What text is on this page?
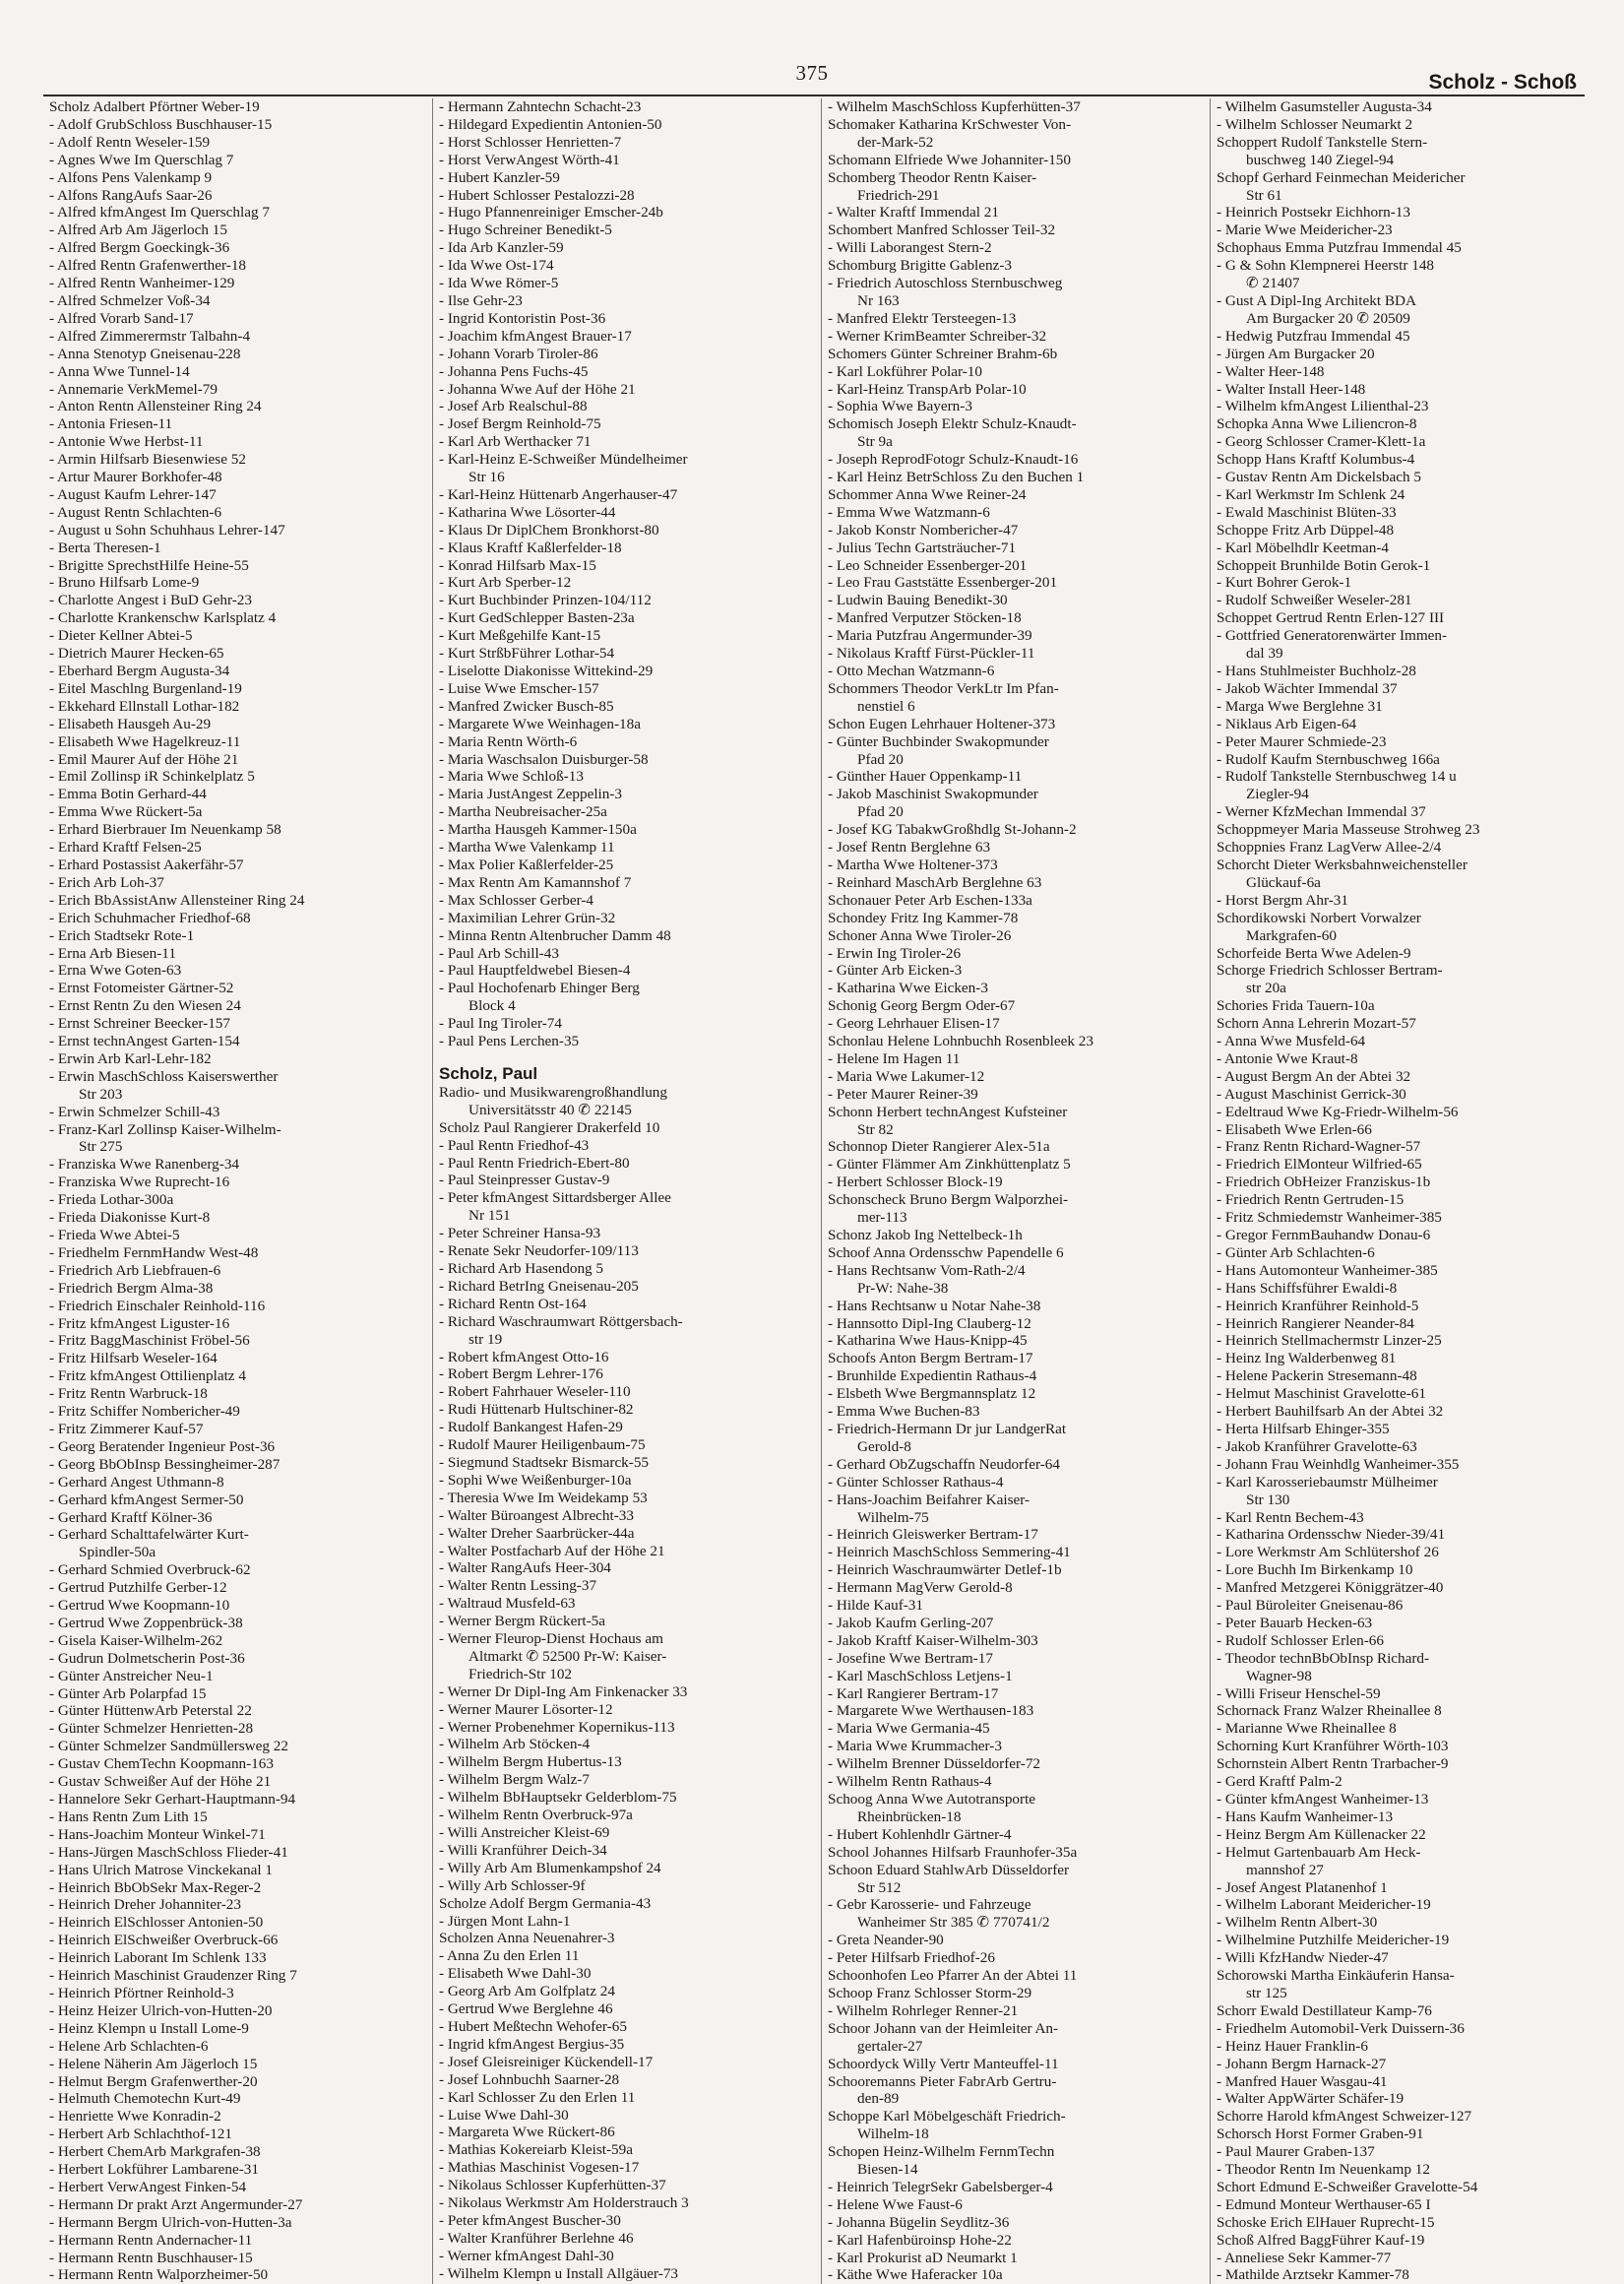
375	Scholz - Schoß
Scholz Adalbert Pförtner Weber-19
- Adolf GrubSchloss Buschhauser-15
- Adolf Rentn Weseler-159
- Agnes Wwe Im Querschlag 7
- Alfons Pens Valenkamp 9
- Alfons RangAufs Saar-26
- Alfred kfmAngest Im Querschlag 7
- Alfred Arb Am Jägerloch 15
- Alfred Bergm Goeckingk-36
- Alfred Rentn Grafenwerther-18
- Alfred Rentn Wanheimer-129
- Alfred Schmelzer Voß-34
- Alfred Vorarb Sand-17
- Alfred Zimmerermstr Talbahn-4
- Anna Stenotyp Gneisenau-228
- Anna Wwe Tunnel-14
- Annemarie VerkMemel-79
- Anton Rentn Allensteiner Ring 24
- Antonia Friesen-11
- Antonie Wwe Herbst-11
- Armin Hilfsarb Biesenwiese 52
- Artur Maurer Borkhofer-48
- August Kaufm Lehrer-147
- August Rentn Schlachten-6
- August u Sohn Schuhhaus Lehrer-147
- Berta Theresen-1
- Brigitte SprechstHilfe Heine-55
- Bruno Hilfsarb Lome-9
- Charlotte Angest i BuD Gehr-23
- Charlotte Krankenschw Karlsplatz 4
- Dieter Kellner Abtei-5
- Dietrich Maurer Hecken-65
- Eberhard Bergm Augusta-34
- Eitel Maschlng Burgenland-19
- Ekkehard Ellnstall Lothar-182
- Elisabeth Hausgeh Au-29
- Elisabeth Wwe Hagelkreuz-11
- Emil Maurer Auf der Höhe 21
- Emil Zollinsp iR Schinkelplatz 5
- Emma Botin Gerhard-44
- Emma Wwe Rückert-5a
- Erhard Bierbrauer Im Neuenkamp 58
- Erhard Kraftf Felsen-25
- Erhard Postassist Aakerfähr-57
- Erich Arb Loh-37
- Erich BbAssistAnw Allensteiner Ring 24
- Erich Schuhmacher Friedhof-68
- Erich Stadtsekr Rote-1
- Erna Arb Biesen-11
- Erna Wwe Goten-63
- Ernst Fotomeister Gärtner-52
- Ernst Rentn Zu den Wiesen 24
- Ernst Schreiner Beecker-157
- Ernst technAngest Garten-154
- Erwin Arb Karl-Lehr-182
- Erwin MaschSchloss Kaiserswerther
Str 203
- Erwin Schmelzer Schill-43
- Franz-Karl Zollinsp Kaiser-Wilhelm-
Str 275
- Franziska Wwe Ranenberg-34
- Franziska Wwe Ruprecht-16
- Frieda Lothar-300a
- Frieda Diakonisse Kurt-8
- Frieda Wwe Abtei-5
- Friedhelm FernmHandw West-48
- Friedrich Arb Liebfrauen-6
- Friedrich Bergm Alma-38
- Friedrich Einschaler Reinhold-116
- Fritz kfmAngest Liguster-16
- Fritz BaggMaschinist Fröbel-56
- Fritz Hilfsarb Weseler-164
- Fritz kfmAngest Ottilienplatz 4
- Fritz Rentn Warbruck-18
- Fritz Schiffer Nombericher-49
- Fritz Zimmerer Kauf-57
- Georg Beratender Ingenieur Post-36
- Georg BbObInsp Bessingheimer-287
- Gerhard Angest Uthmann-8
- Gerhard kfmAngest Sermer-50
- Gerhard Kraftf Kölner-36
- Gerhard Schalttafelwärter Kurt-
Spindler-50a
- Gerhard Schmied Overbruck-62
- Gertrud Putzhilfe Gerber-12
- Gertrud Wwe Koopmann-10
- Gertrud Wwe Zoppenbrück-38
- Gisela Kaiser-Wilhelm-262
- Gudrun Dolmetscherin Post-36
- Günter Anstreicher Neu-1
- Günter Arb Polarpfad 15
- Günter HüttenwArb Peterstal 22
- Günter Schmelzer Henrietten-28
- Günter Schmelzer Sandmüllersweg 22
- Gustav ChemTechn Koopmann-163
- Gustav Schweißer Auf der Höhe 21
- Hannelore Sekr Gerhart-Hauptmann-94
- Hans Rentn Zum Lith 15
- Hans-Joachim Monteur Winkel-71
- Hans-Jürgen MaschSchloss Flieder-41
- Hans Ulrich Matrose Vinckekanal 1
- Heinrich BbObSekr Max-Reger-2
- Heinrich Dreher Johanniter-23
- Heinrich ElSchlosser Antonien-50
- Heinrich ElSchweißer Overbruck-66
- Heinrich Laborant Im Schlenk 133
- Heinrich Maschinist Graudenzer Ring 7
- Heinrich Pförtner Reinhold-3
- Heinz Heizer Ulrich-von-Hutten-20
- Heinz Klempn u Install Lome-9
- Helene Arb Schlachten-6
- Helene Näherin Am Jägerloch 15
- Helmut Bergm Grafenwerther-20
- Helmuth Chemotechn Kurt-49
- Henriette Wwe Konradin-2
- Herbert Arb Schlachthof-121
- Herbert ChemArb Markgrafen-38
- Herbert Lokführer Lambarene-31
- Herbert VerwAngest Finken-54
- Hermann Dr prakt Arzt Angermunder-27
- Hermann Bergm Ulrich-von-Hutten-3a
- Hermann Rentn Andernacher-11
- Hermann Rentn Buschhauser-15
- Hermann Rentn Walporzheimer-50
- Hermann Zahntechn Schacht-23
- Hildegard Expedientin Antonien-50
- Horst Schlosser Henrietten-7
- Horst VerwAngest Wörth-41
- Hubert Kanzler-59
- Hubert Schlosser Pestalozzi-28
- Hugo Pfannenreiniger Emscher-24b
- Hugo Schreiner Benedikt-5
- Ida Arb Kanzler-59
- Ida Wwe Ost-174
- Ida Wwe Römer-5
- Ilse Gehr-23
- Ingrid Kontoristin Post-36
- Joachim kfmAngest Brauer-17
- Johann Vorarb Tiroler-86
- Johanna Pens Fuchs-45
- Johanna Wwe Auf der Höhe 21
- Josef Arb Realschul-88
- Josef Bergm Reinhold-75
- Karl Arb Werthacker 71
- Karl-Heinz E-Schweißer Mündelheimer
Str 16
- Karl-Heinz Hüttenarb Angerhauser-47
- Katharina Wwe Lösorter-44
- Klaus Dr DiplChem Bronkhorst-80
- Klaus Kraftf Kaßlerfelder-18
- Konrad Hilfsarb Max-15
- Kurt Arb Sperber-12
- Kurt Buchbinder Prinzen-104/112
- Kurt GedSchlepper Basten-23a
- Kurt Meßgehilfe Kant-15
- Kurt StrßbFührer Lothar-54
- Liselotte Diakonisse Wittekind-29
- Luise Wwe Emscher-157
- Manfred Zwicker Busch-85
- Margarete Wwe Weinhagen-18a
- Maria Rentn Wörth-6
- Maria Waschsalon Duisburger-58
- Maria Wwe Schloß-13
- Maria JustAngest Zeppelin-3
- Martha Neubreisacher-25a
- Martha Hausgeh Kammer-150a
- Martha Wwe Valenkamp 11
- Max Polier Kaßlerfelder-25
- Max Rentn Am Kamannshof 7
- Max Schlosser Gerber-4
- Maximilian Lehrer Grün-32
- Minna Rentn Altenbrucher Damm 48
- Paul Arb Schill-43
- Paul Hauptfeldwebel Biesen-4
- Paul Hochofenarb Ehinger Berg
Block 4
- Paul Ing Tiroler-74
- Paul Pens Lerchen-35
Scholz, Paul
Radio- und Musikwarengroßhandlung
Universitätsstr 40 ✆ 22145
Scholz Paul Rangierer Drakerfeld 10
- Paul Rentn Friedhof-43
- Paul Rentn Friedrich-Ebert-80
- Paul Steinpresser Gustav-9
- Peter kfmAngest Sittardsberger Allee
Nr 151
- Peter Schreiner Hansa-93
- Renate Sekr Neudorfer-109/113
- Richard Arb Hasendong 5
- Richard BetrIng Gneisenau-205
- Richard Rentn Ost-164
- Richard Waschraumwart Röttgersbach-
str 19
- Robert kfmAngest Otto-16
- Robert Bergm Lehrer-176
- Robert Fahrhauer Weseler-110
- Rudi Hüttenarb Hultschiner-82
- Rudolf Bankangest Hafen-29
- Rudolf Maurer Heiligenbaum-75
- Siegmund Stadtsekr Bismarck-55
- Sophi Wwe Weißenburger-10a
- Theresia Wwe Im Weidekamp 53
- Walter Büroangest Albrecht-33
- Walter Dreher Saarbrücker-44a
- Walter Postfacharb Auf der Höhe 21
- Walter RangAufs Heer-304
- Walter Rentn Lessing-37
- Waltraud Musfeld-63
- Werner Bergm Rückert-5a
- Werner Fleurop-Dienst Hochaus am
Altmarkt ✆ 52500 Pr-W: Kaiser-
Friedrich-Str 102
- Werner Dr Dipl-Ing Am Finkenacker 33
- Werner Maurer Lösorter-12
- Werner Probenehmer Kopernikus-113
- Wilhelm Arb Stöcken-4
- Wilhelm Bergm Hubertus-13
- Wilhelm Bergm Walz-7
- Wilhelm BbHauptsekr Gelderblom-75
- Wilhelm Rentn Overbruck-97a
- Willi Anstreicher Kleist-69
- Willi Kranführer Deich-34
- Willy Arb Am Blumenkampshof 24
- Willy Arb Schlosser-9f
Scholze Adolf Bergm Germania-43
- Jürgen Mont Lahn-1
Scholzen Anna Neuenahrer-3
- Anna Zu den Erlen 11
- Elisabeth Wwe Dahl-30
- Georg Arb Am Golfplatz 24
- Gertrud Wwe Berglehne 46
- Hubert Meßtechn Wehofer-65
- Ingrid kfmAngest Bergius-35
- Josef Gleisreiniger Kückendell-17
- Josef Lohnbuchh Saarner-28
- Karl Schlosser Zu den Erlen 11
- Luise Wwe Dahl-30
- Margareta Wwe Rückert-86
- Mathias Kokereiarb Kleist-59a
- Mathias Maschinist Vogesen-17
- Nikolaus Schlosser Kupferhütten-37
- Nikolaus Werkmstr Am Holderstrauch 3
- Peter kfmAngest Buscher-30
- Walter Kranführer Berlehne 46
- Werner kfmAngest Dahl-30
- Wilhelm Klempn u Install Allgäuer-73
- Wilhelm MaschSchloss Kupferhütten-37
Schomaker Katharina KrSchwester Von-
der-Mark-52
Schomann Elfriede Wwe Johanniter-150
Schomberg Theodor Rentn Kaiser-
Friedrich-291
- Walter Kraftf Immendal 21
Schombert Manfred Schlosser Teil-32
- Willi Laborangest Stern-2
Schomburg Brigitte Gablenz-3
- Friedrich Autoschloss Sternbuschweg
Nr 163
- Manfred Elektr Tersteegen-13
- Werner KrimBeamter Schreiber-32
Schomers Günter Schreiner Brahm-6b
- Karl Lokführer Polar-10
- Karl-Heinz TranspArb Polar-10
- Sophia Wwe Bayern-3
Schomisch Joseph Elektr Schulz-Knaudt-
Str 9a
- Joseph ReprodFotogr Schulz-Knaudt-16
- Karl Heinz BetrSchloss Zu den Buchen 1
Schommer Anna Wwe Reiner-24
- Emma Wwe Watzmann-6
- Jakob Konstr Nombericher-47
- Julius Techn Gartsträucher-71
- Leo Schneider Essenberger-201
- Leo Frau Gaststätte Essenberger-201
- Ludwin Bauing Benedikt-30
- Manfred Verputzer Stöcken-18
- Maria Putzfrau Angermunder-39
- Nikolaus Kraftf Fürst-Pückler-11
- Otto Mechan Watzmann-6
Schommers Theodor VerkLtr Im Pfan-
nenstiel 6
Schon Eugen Lehrhauer Holtener-373
- Günter Buchbinder Swakopmunder
Pfad 20
- Günther Hauer Oppenkamp-11
- Jakob Maschinist Swakopmunder
Pfad 20
- Josef KG TabakwGroßhdlg St-Johann-2
- Josef Rentn Berglehne 63
- Martha Wwe Holtener-373
- Reinhard MaschArb Berglehne 63
Schonauer Peter Arb Eschen-133a
Schondey Fritz Ing Kammer-78
Schoner Anna Wwe Tiroler-26
- Erwin Ing Tiroler-26
- Günter Arb Eicken-3
- Katharina Wwe Eicken-3
Schonig Georg Bergm Oder-67
- Georg Lehrhauer Elisen-17
Schonlau Helene Lohnbuchh Rosenbleek 23
- Helene Im Hagen 11
- Maria Wwe Lakumer-12
- Peter Maurer Reiner-39
Schonn Herbert technAngest Kufsteiner
Str 82
Schonnop Dieter Rangierer Alex-51a
- Günter Flämmer Am Zinkhüttenplatz 5
- Herbert Schlosser Block-19
Schonscheck Bruno Bergm Walporzhei-
mer-113
Schonz Jakob Ing Nettelbeck-1h
Schoof Anna Ordensschw Papendelle 6
- Hans Rechtsanw Vom-Rath-2/4
Pr-W: Nahe-38
- Hans Rechtsanw u Notar Nahe-38
- Hannsotto Dipl-Ing Clauberg-12
- Katharina Wwe Haus-Knipp-45
Schoofs Anton Bergm Bertram-17
- Brunhilde Expedientin Rathaus-4
- Elsbeth Wwe Bergmannsplatz 12
- Emma Wwe Buchen-83
- Friedrich-Hermann Dr jur LandgerRat
Gerold-8
- Gerhard ObZugschaffn Neudorfer-64
- Günter Schlosser Rathaus-4
- Hans-Joachim Beifahrer Kaiser-
Wilhelm-75
- Heinrich Gleiswerker Bertram-17
- Heinrich MaschSchloss Semmering-41
- Heinrich Waschraumwärter Detlef-1b
- Hermann MagVerw Gerold-8
- Hilde Kauf-31
- Jakob Kaufm Gerling-207
- Jakob Kraftf Kaiser-Wilhelm-303
- Josefine Wwe Bertram-17
- Karl MaschSchloss Letjens-1
- Karl Rangierer Bertram-17
- Margarete Wwe Werthausen-183
- Maria Wwe Germania-45
- Maria Wwe Krummacher-3
- Wilhelm Brenner Düsseldorfer-72
- Wilhelm Rentn Rathaus-4
Schoog Anna Wwe Autotransporte
Rheinbrücken-18
- Hubert Kohlenhdlr Gärtner-4
School Johannes Hilfsarb Fraunhofer-35a
Schoon Eduard StahlwArb Düsseldorfer
Str 512
- Gebr Karosserie- und Fahrzeuge
Wanheimer Str 385 ✆ 770741/2
- Greta Neander-90
- Peter Hilfsarb Friedhof-26
Schoonhofen Leo Pfarrer An der Abtei 11
Schoop Franz Schlosser Storm-29
- Wilhelm Rohrleger Renner-21
Schoor Johann van der Heimleiter An-
gertaler-27
Schoordyck Willy Vertr Manteuffel-11
Schooremanns Pieter FabrArb Gertru-
den-89
Schoppe Karl Möbelgeschäft Friedrich-
Wilhelm-18
Schopen Heinz-Wilhelm FernmTechn
Biesen-14
- Heinrich TelegrSekr Gabelsberger-4
- Helene Wwe Faust-6
- Johanna Bügelin Seydlitz-36
- Karl Hafenbüroinsp Hohe-22
- Karl Prokurist aD Neumarkt 1
- Käthe Wwe Haferacker 10a
- Wilhelm Gasumsteller Augusta-34
- Wilhelm Schlosser Neumarkt 2
Schoppert Rudolf Tankstelle Stern-
buschweg 140 Ziegel-94
Schopf Gerhard Feinmechan Meidericher
Str 61
- Heinrich Postsekr Eichhorn-13
- Marie Wwe Meidericher-23
Schophaus Emma Putzfrau Immendal 45
- G & Sohn Klempnerei Heerstr 148
✆ 21407
- Gust A Dipl-Ing Architekt BDA
Am Burgacker 20 ✆ 20509
- Hedwig Putzfrau Immendal 45
- Jürgen Am Burgacker 20
- Walter Heer-148
- Walter Install Heer-148
- Wilhelm kfmAngest Lilienthal-23
Schopka Anna Wwe Liliencron-8
- Georg Schlosser Cramer-Klett-1a
Schopp Hans Kraftf Kolumbus-4
- Gustav Rentn Am Dickelsbach 5
- Karl Werkmstr Im Schlenk 24
- Ewald Maschinist Blüten-33
Schoppe Fritz Arb Düppel-48
- Karl Möbelhdlr Keetman-4
Schoppeit Brunhilde Botin Gerok-1
- Kurt Bohrer Gerok-1
- Rudolf Schweißer Weseler-281
Schoppet Gertrud Rentn Erlen-127 III
- Gottfried Generatorenwärter Immen-
dal 39
- Hans Stuhlmeister Buchholz-28
- Jakob Wächter Immendal 37
- Marga Wwe Berglehne 31
- Niklaus Arb Eigen-64
- Peter Maurer Schmiede-23
- Rudolf Kaufm Sternbuschweg 166a
- Rudolf Tankstelle Sternbuschweg 14 u
Ziegler-94
- Werner KfzMechan Immendal 37
Schoppmeyer Maria Masseuse Strohweg 23
Schoppnies Franz LagVerw Allee-2/4
Schorcht Dieter Werksbahnweichensteller
Glückauf-6a
- Horst Bergm Ahr-31
Schordikowski Norbert Vorwalzer
Markgrafen-60
Schorfeide Berta Wwe Adelen-9
Schorge Friedrich Schlosser Bertram-
str 20a
Schories Frida Tauern-10a
Schorn Anna Lehrerin Mozart-57
- Anna Wwe Musfeld-64
- Antonie Wwe Kraut-8
- August Bergm An der Abtei 32
- August Maschinist Gerrick-30
- Edeltraud Wwe Kg-Friedr-Wilhelm-56
- Elisabeth Wwe Erlen-66
- Franz Rentn Richard-Wagner-57
- Friedrich ElMonteur Wilfried-65
- Friedrich ObHeizer Franziskus-1b
- Friedrich Rentn Gertruden-15
- Fritz Schmiedemstr Wanheimer-385
- Gregor FernmBauhandw Donau-6
- Günter Arb Schlachten-6
- Hans Automonteur Wanheimer-385
- Hans Schiffsführer Ewaldi-8
- Heinrich Kranführer Reinhold-5
- Heinrich Rangierer Neander-84
- Heinrich Stellmachermstr Linzer-25
- Heinz Ing Walderbenweg 81
- Helene Packerin Stresemann-48
- Helmut Maschinist Gravelotte-61
- Herbert Bauhilfsarb An der Abtei 32
- Herta Hilfsarb Ehinger-355
- Jakob Kranführer Gravelotte-63
- Johann Frau Weinhdlg Wanheimer-355
- Karl Karosseriebaumstr Mülheimer
Str 130
- Karl Rentn Bechem-43
- Katharina Ordensschw Nieder-39/41
- Lore Werkmstr Am Schlütershof 26
- Lore Buchh Im Birkenkamp 10
- Manfred Metzgerei Königgrätzer-40
- Paul Büroleiter Gneisenau-86
- Peter Bauarb Hecken-63
- Rudolf Schlosser Erlen-66
- Theodor technBbObInsp Richard-
Wagner-98
- Willi Friseur Henschel-59
Schornack Franz Walzer Rheinallee 8
- Marianne Wwe Rheinallee 8
Schorning Kurt Kranführer Wörth-103
Schornstein Albert Rentn Trarbacher-9
- Gerd Kraftf Palm-2
- Günter kfmAngest Wanheimer-13
- Hans Kaufm Wanheimer-13
- Heinz Bergm Am Küllenacker 22
- Helmut Gartenbauarb Am Heck-
mannshof 27
- Josef Angest Platanenhof 1
- Wilhelm Laborant Meidericher-19
- Wilhelm Rentn Albert-30
- Wilhelmine Putzhilfe Meidericher-19
- Willi KfzHandw Nieder-47
Schorowski Martha Einkäuferin Hansa-
str 125
Schorr Ewald Destillateur Kamp-76
- Friedhelm Automobil-Verk Duissern-36
- Heinz Hauer Franklin-6
- Johann Bergm Harnack-27
- Manfred Hauer Wasgau-41
- Walter AppWärter Schäfer-19
Schorre Harold kfmAngest Schweizer-127
Schorsch Horst Former Graben-91
- Paul Maurer Graben-137
- Theodor Rentn Im Neuenkamp 12
Schort Edmund E-Schweißer Gravelotte-54
- Edmund Monteur Werthauser-65 I
Schoske Erich ElHauer Ruprecht-15
Schoß Alfred BaggFührer Kauf-19
- Anneliese Sekr Kammer-77
- Mathilde Arztsekr Kammer-78
